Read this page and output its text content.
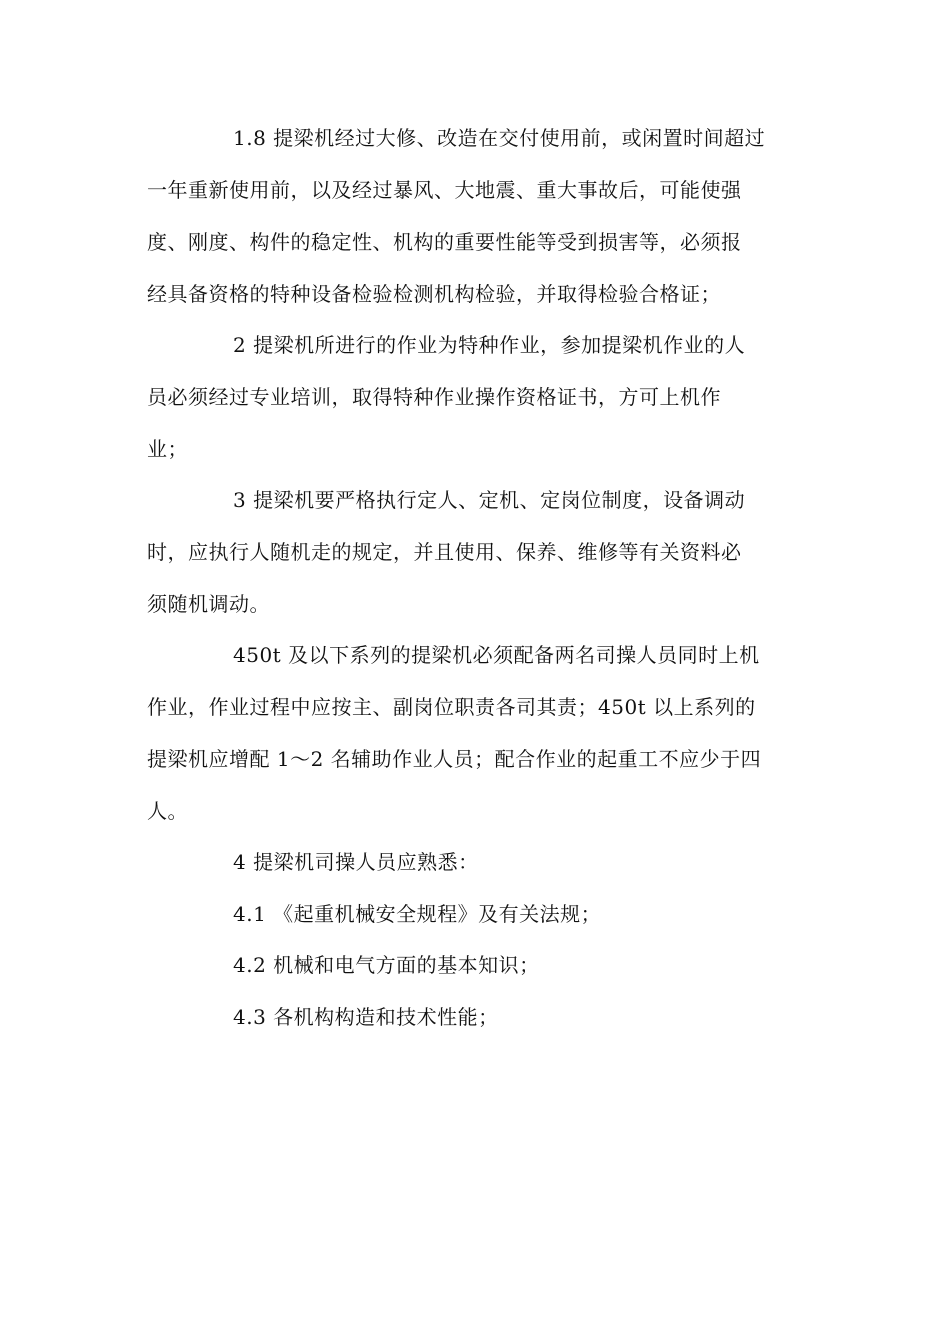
1.8 提梁机经过大修、改造在交付使用前，或闲置时间超过
一年重新使用前，以及经过暴风、大地震、重大事故后，可能使强
度、刚度、构件的稳定性、机构的重要性能等受到损害等，必须报
经具备资格的特种设备检验检测机构检验，并取得检验合格证；
2 提梁机所进行的作业为特种作业，参加提梁机作业的人
员必须经过专业培训，取得特种作业操作资格证书，方可上机作
业；
3 提梁机要严格执行定人、定机、定岗位制度，设备调动
时，应执行人随机走的规定，并且使用、保养、维修等有关资料必
须随机调动。
450t 及以下系列的提梁机必须配备两名司操人员同时上机
作业，作业过程中应按主、副岗位职责各司其责；450t 以上系列的
提梁机应增配 1～2 名辅助作业人员；配合作业的起重工不应少于四
人。
4 提梁机司操人员应熟悉：
4.1 《起重机械安全规程》及有关法规；
4.2 机械和电气方面的基本知识；
4.3 各机构构造和技术性能；
